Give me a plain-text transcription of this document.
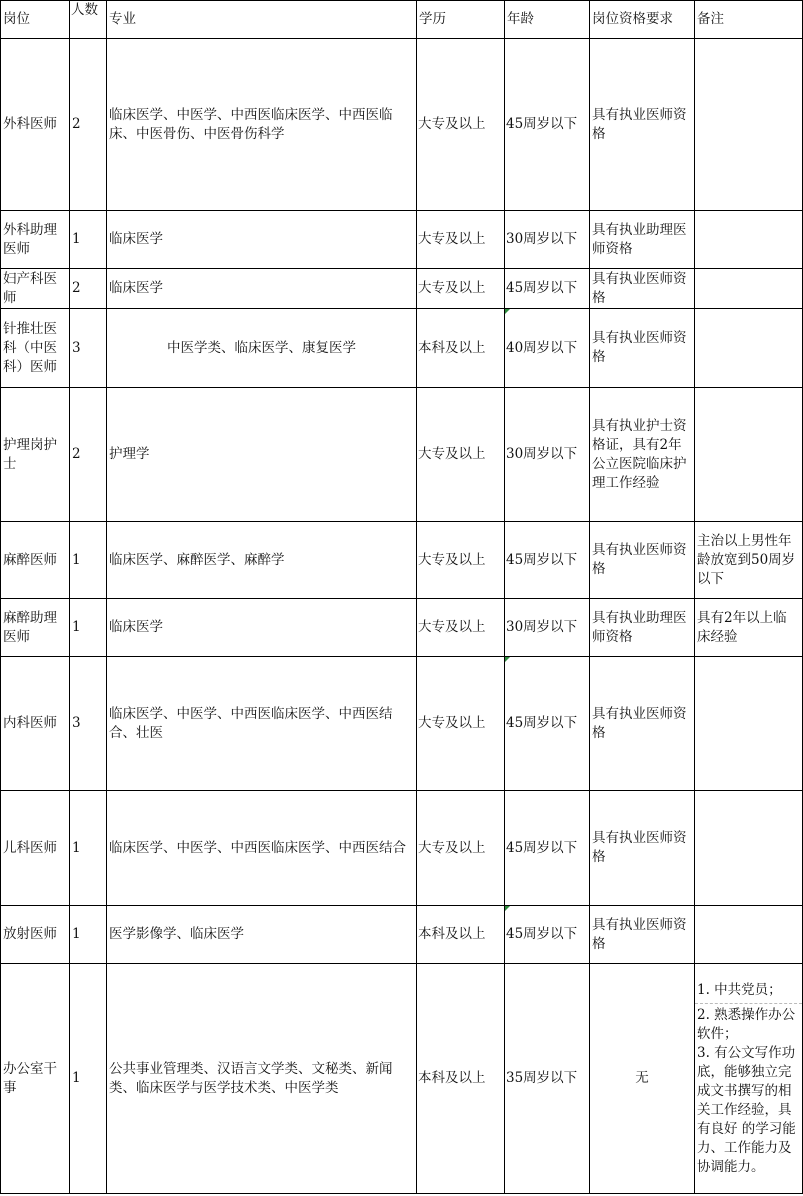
岗位	人数	专业	学历	年龄	岗位资格要求	备注
外科医师	2	临床医学、中医学、中西医临床医学、中西医临床、中医骨伤、中医骨伤科学	大专及以上	45周岁以下	具有执业医师资格	
外科助理医师	1	临床医学	大专及以上	30周岁以下	具有执业助理医师资格	
妇产科医师	2	临床医学	大专及以上	45周岁以下	具有执业医师资格	
针推壮医科（中医科）医师	3	中医学类、临床医学、康复医学	本科及以上	40周岁以下	具有执业医师资格	
护理岗护士	2	护理学	大专及以上	30周岁以下	具有执业护士资格证，具有2年公立医院临床护理工作经验	
麻醉医师	1	临床医学、麻醉医学、麻醉学	大专及以上	45周岁以下	具有执业医师资格	主治以上男性年龄放宽到50周岁以下
麻醉助理医师	1	临床医学	大专及以上	30周岁以下	具有执业助理医师资格	具有2年以上临床经验
内科医师	3	临床医学、中医学、中西医临床医学、中西医结合、壮医	大专及以上	45周岁以下	具有执业医师资格	
儿科医师	1	临床医学、中医学、中西医临床医学、中西医结合	大专及以上	45周岁以下	具有执业医师资格	
放射医师	1	医学影像学、临床医学	本科及以上	45周岁以下	具有执业医师资格	
办公室干事	1	公共事业管理类、汉语言文学类、文秘类、新闻类、临床医学与医学技术类、中医学类	本科及以上	35周岁以下	无	1. 中共党员；
2. 熟悉操作办公软件；
3. 有公文写作功底，能够独立完成文书撰写的相关工作经验，具有良好 的学习能力、工作能力及协调能力。
